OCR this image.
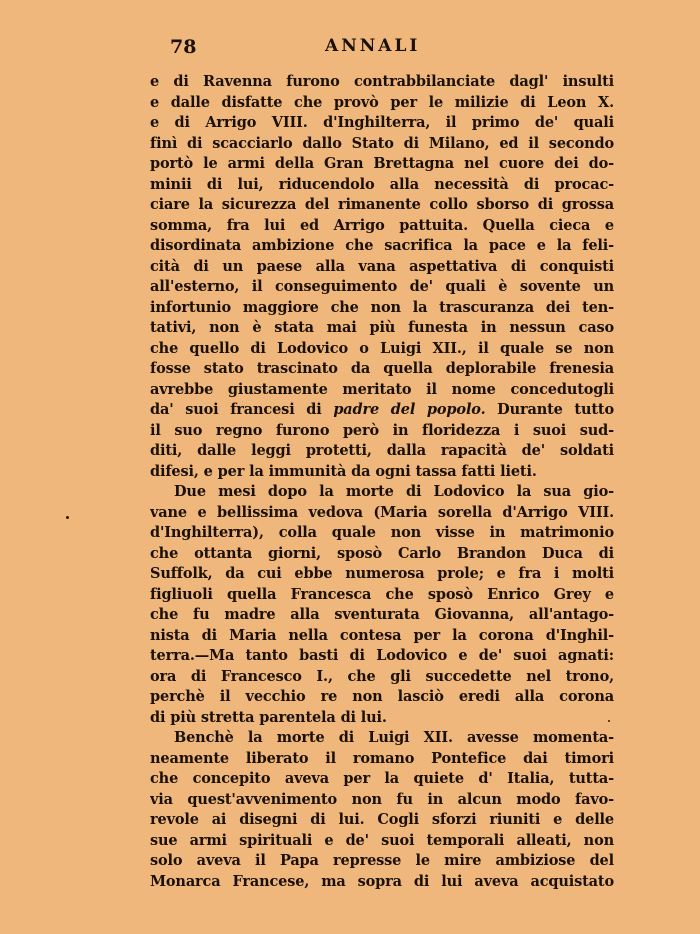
78	ANNALI
e di Ravenna furono contrabbilanciate dagl' insulti
e dalle disfatte che provò per le milizie di Leon X.
e di Arrigo VIII. d'Inghilterra, il primo de' quali
finì di scacciarlo dallo Stato di Milano, ed il secondo
portò le armi della Gran Brettagna nel cuore dei do-
minii di lui, riducendolo alla necessità di procac-
ciare la sicurezza del rimanente collo sborso di grossa
somma, fra lui ed Arrigo pattuita. Quella cieca e
disordinata ambizione che sacrifica la pace e la feli-
cità di un paese alla vana aspettativa di conquisti
all'esterno, il conseguimento de' quali è sovente un
infortunio maggiore che non la trascuranza dei ten-
tativi, non è stata mai più funesta in nessun caso
che quello di Lodovico o Luigi XII., il quale se non
fosse stato trascinato da quella deplorabile frenesia
avrebbe giustamente meritato il nome concedutogli
da' suoi francesi di padre del popolo. Durante tutto
il suo regno furono però in floridezza i suoi sud-
diti, dalle leggi protetti, dalla rapacità de' soldati
difesi, e per la immunità da ogni tassa fatti lieti.
Due mesi dopo la morte di Lodovico la sua gio-
vane e bellissima vedova (Maria sorella d'Arrigo VIII.
d'Inghilterra), colla quale non visse in matrimonio
che ottanta giorni, sposò Carlo Brandon Duca di
Suffolk, da cui ebbe numerosa prole; e fra i molti
figliuoli quella Francesca che sposò Enrico Grey e
che fu madre alla sventurata Giovanna, all'antago-
nista di Maria nella contesa per la corona d'Inghil-
terra.—Ma tanto basti di Lodovico e de' suoi agnati:
ora di Francesco I., che gli succedette nel trono,
perchè il vecchio re non lasciò eredi alla corona
di più stretta parentela di lui.
Benchè la morte di Luigi XII. avesse momenta-
neamente liberato il romano Pontefice dai timori
che concepito aveva per la quiete d' Italia, tutta-
via quest'avvenimento non fu in alcun modo favo-
revole ai disegni di lui. Cogli sforzi riuniti e delle
sue armi spirituali e de' suoi temporali alleati, non
solo aveva il Papa represse le mire ambiziose del
Monarca Francese, ma sopra di lui aveva acquistato
